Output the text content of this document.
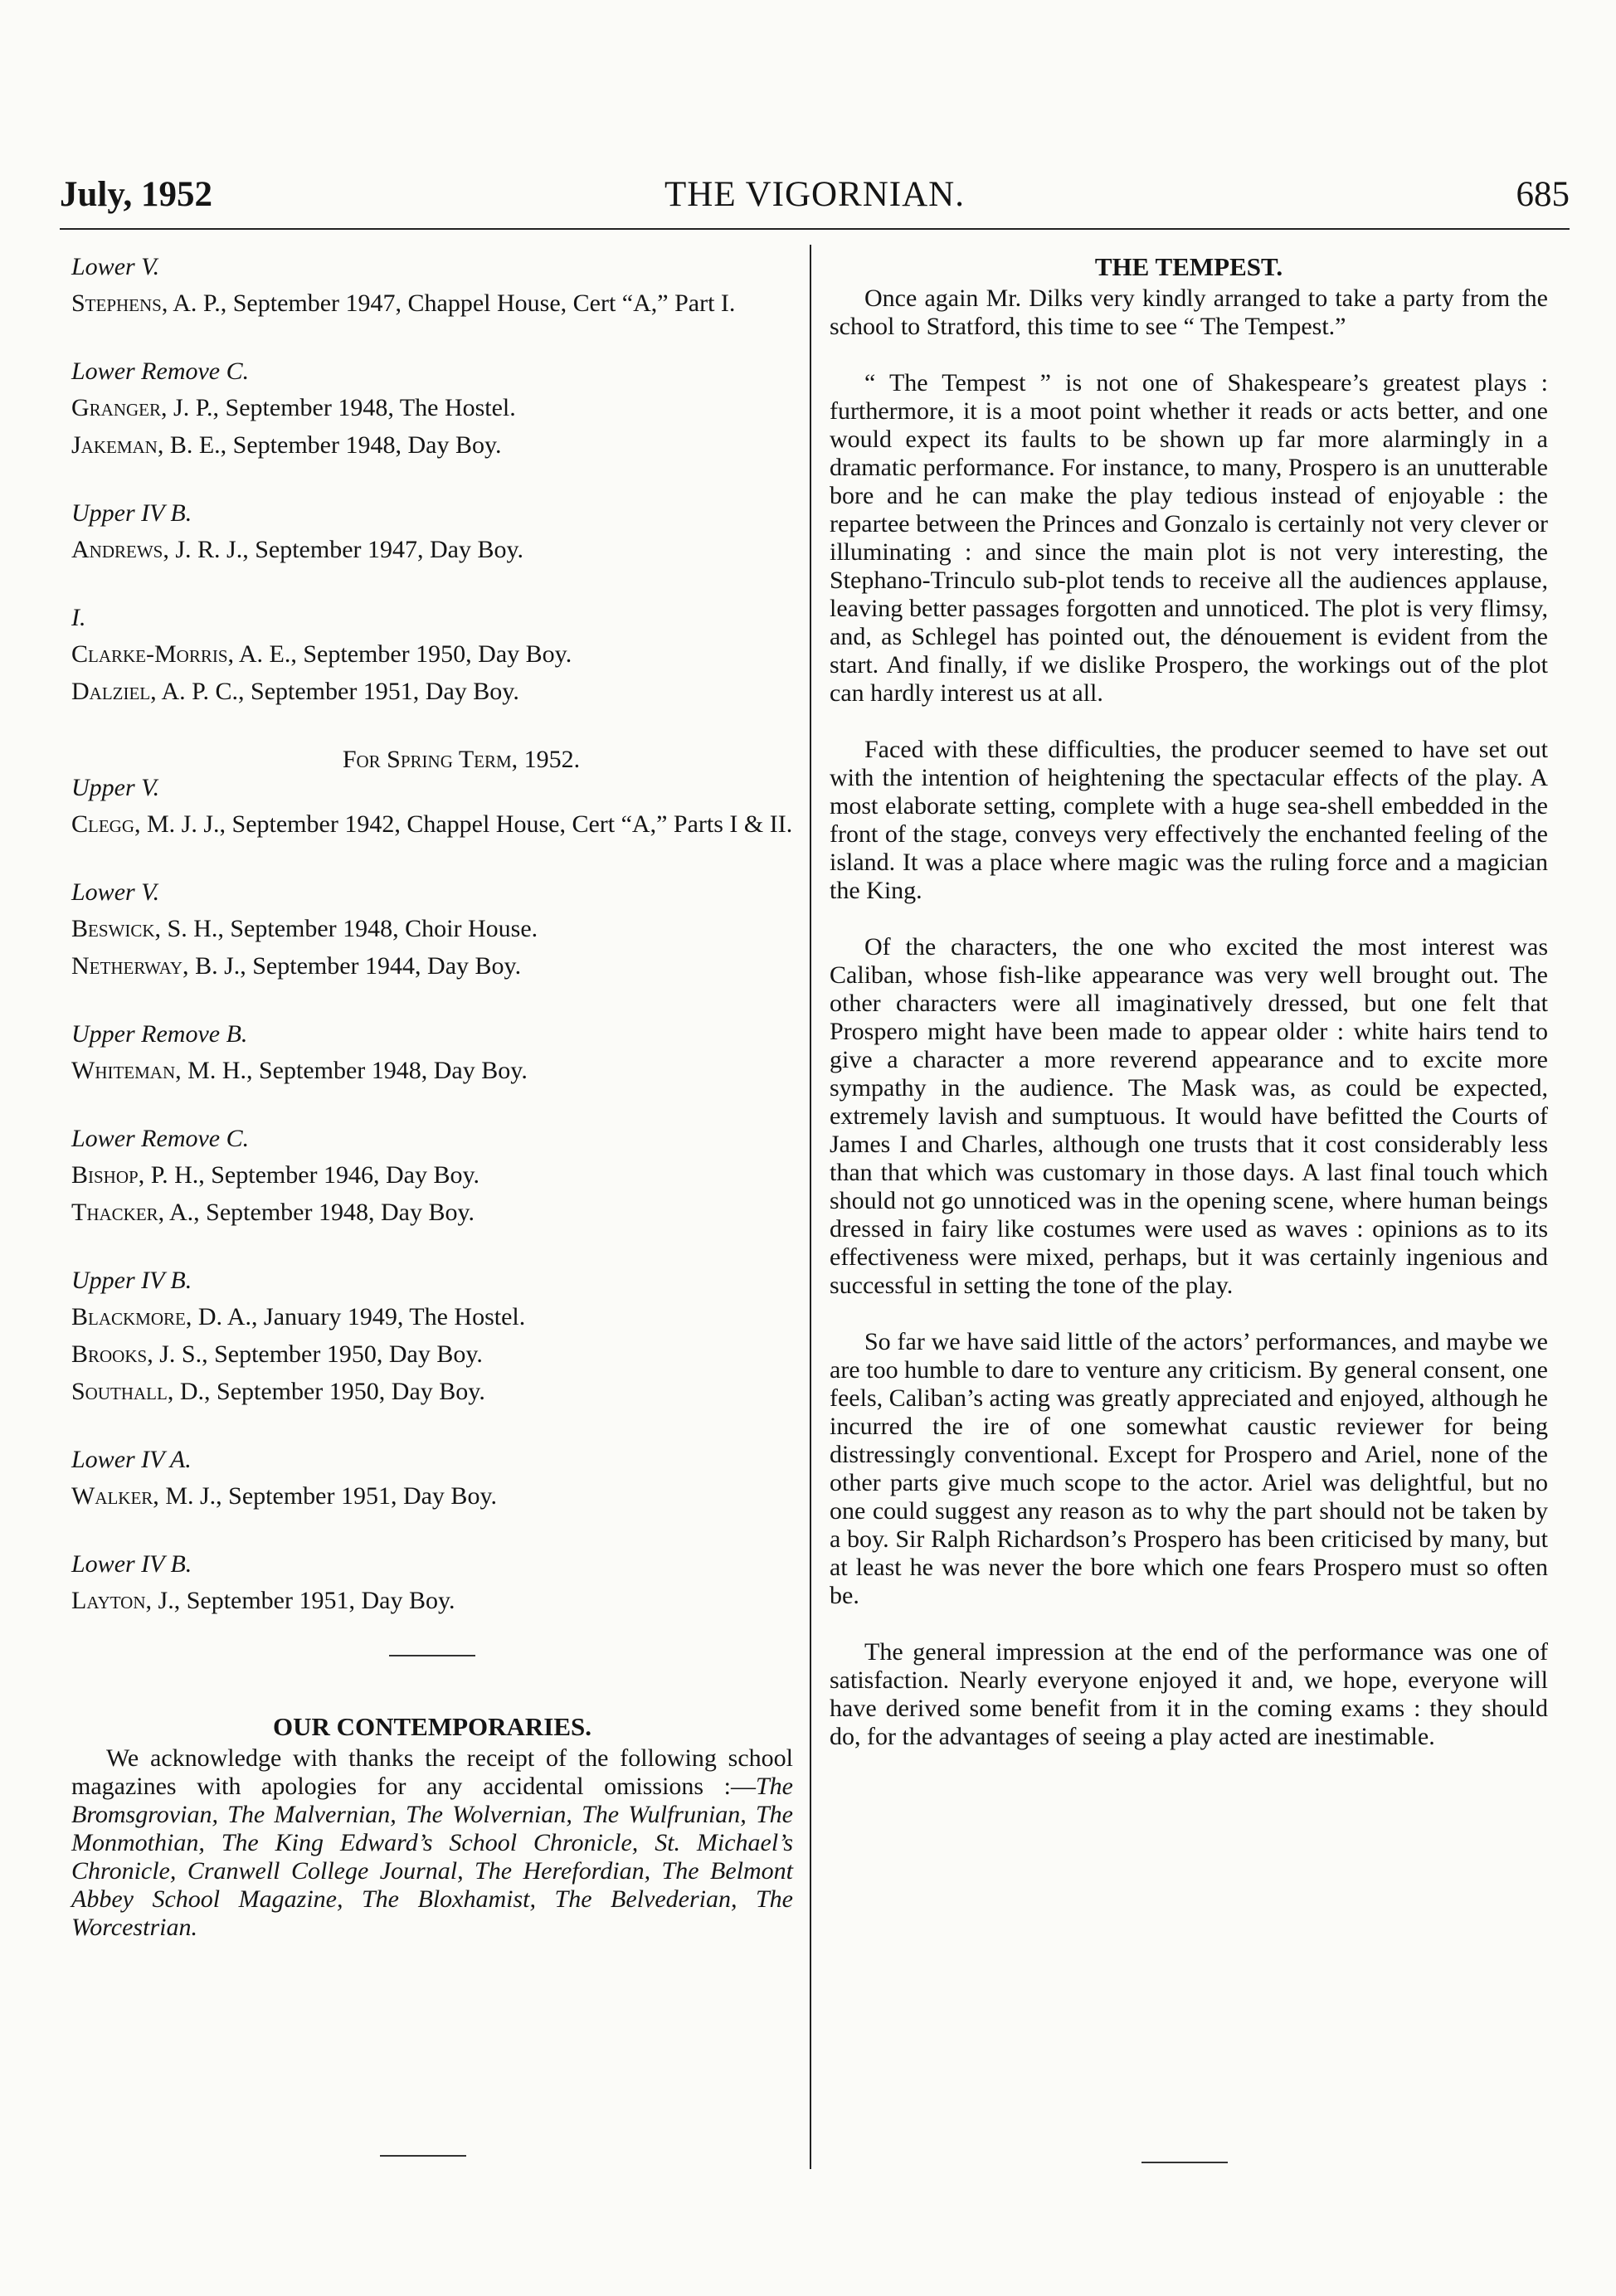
July, 1952	THE VIGORNIAN.	685
Lower V.
Stephens, A. P., September 1947, Chappel House, Cert “A,” Part I.
Lower Remove C.
Granger, J. P., September 1948, The Hostel.
Jakeman, B. E., September 1948, Day Boy.
Upper IV B.
Andrews, J. R. J., September 1947, Day Boy.
I.
Clarke-Morris, A. E., September 1950, Day Boy.
Dalziel, A. P. C., September 1951, Day Boy.
For Spring Term, 1952.
Upper V.
Clegg, M. J. J., September 1942, Chappel House, Cert “A,” Parts I & II.
Lower V.
Beswick, S. H., September 1948, Choir House.
Netherway, B. J., September 1944, Day Boy.
Upper Remove B.
Whiteman, M. H., September 1948, Day Boy.
Lower Remove C.
Bishop, P. H., September 1946, Day Boy.
Thacker, A., September 1948, Day Boy.
Upper IV B.
Blackmore, D. A., January 1949, The Hostel.
Brooks, J. S., September 1950, Day Boy.
Southall, D., September 1950, Day Boy.
Lower IV A.
Walker, M. J., September 1951, Day Boy.
Lower IV B.
Layton, J., September 1951, Day Boy.
OUR CONTEMPORARIES.

We acknowledge with thanks the receipt of the following school magazines with apologies for any accidental omissions :—The Bromsgrovian, The Malvernian, The Wolvernian, The Wulfrunian, The Monmothian, The King Edward’s School Chronicle, St. Michael’s Chronicle, Cranwell College Journal, The Herefordian, The Belmont Abbey School Magazine, The Bloxhamist, The Belvederian, The Worcestrian.

THE TEMPEST.

Once again Mr. Dilks very kindly arranged to take a party from the school to Stratford, this time to see “ The Tempest.”

“ The Tempest ” is not one of Shakespeare’s greatest plays : furthermore, it is a moot point whether it reads or acts better, and one would expect its faults to be shown up far more alarmingly in a dramatic performance. For instance, to many, Prospero is an unutterable bore and he can make the play tedious instead of enjoyable : the repartee between the Princes and Gonzalo is certainly not very clever or illuminating : and since the main plot is not very interesting, the Stephano-Trinculo sub-plot tends to receive all the audiences applause, leaving better passages forgotten and unnoticed. The plot is very flimsy, and, as Schlegel has pointed out, the dénouement is evident from the start. And finally, if we dislike Prospero, the workings out of the plot can hardly interest us at all.

Faced with these difficulties, the producer seemed to have set out with the intention of heightening the spectacular effects of the play. A most elaborate setting, complete with a huge sea-shell embedded in the front of the stage, conveys very effectively the enchanted feeling of the island. It was a place where magic was the ruling force and a magician the King.

Of the characters, the one who excited the most interest was Caliban, whose fish-like appearance was very well brought out. The other characters were all imaginatively dressed, but one felt that Prospero might have been made to appear older : white hairs tend to give a character a more reverend appearance and to excite more sympathy in the audience. The Mask was, as could be expected, extremely lavish and sumptuous. It would have befitted the Courts of James I and Charles, although one trusts that it cost considerably less than that which was customary in those days. A last final touch which should not go unnoticed was in the opening scene, where human beings dressed in fairy like costumes were used as waves : opinions as to its effectiveness were mixed, perhaps, but it was certainly ingenious and successful in setting the tone of the play.

So far we have said little of the actors’ performances, and maybe we are too humble to dare to venture any criticism. By general consent, one feels, Caliban’s acting was greatly appreciated and enjoyed, although he incurred the ire of one somewhat caustic reviewer for being distressingly conventional. Except for Prospero and Ariel, none of the other parts give much scope to the actor. Ariel was delightful, but no one could suggest any reason as to why the part should not be taken by a boy. Sir Ralph Richardson’s Prospero has been criticised by many, but at least he was never the bore which one fears Prospero must so often be.

The general impression at the end of the performance was one of satisfaction. Nearly everyone enjoyed it and, we hope, everyone will have derived some benefit from it in the coming exams : they should do, for the advantages of seeing a play acted are inestimable.
